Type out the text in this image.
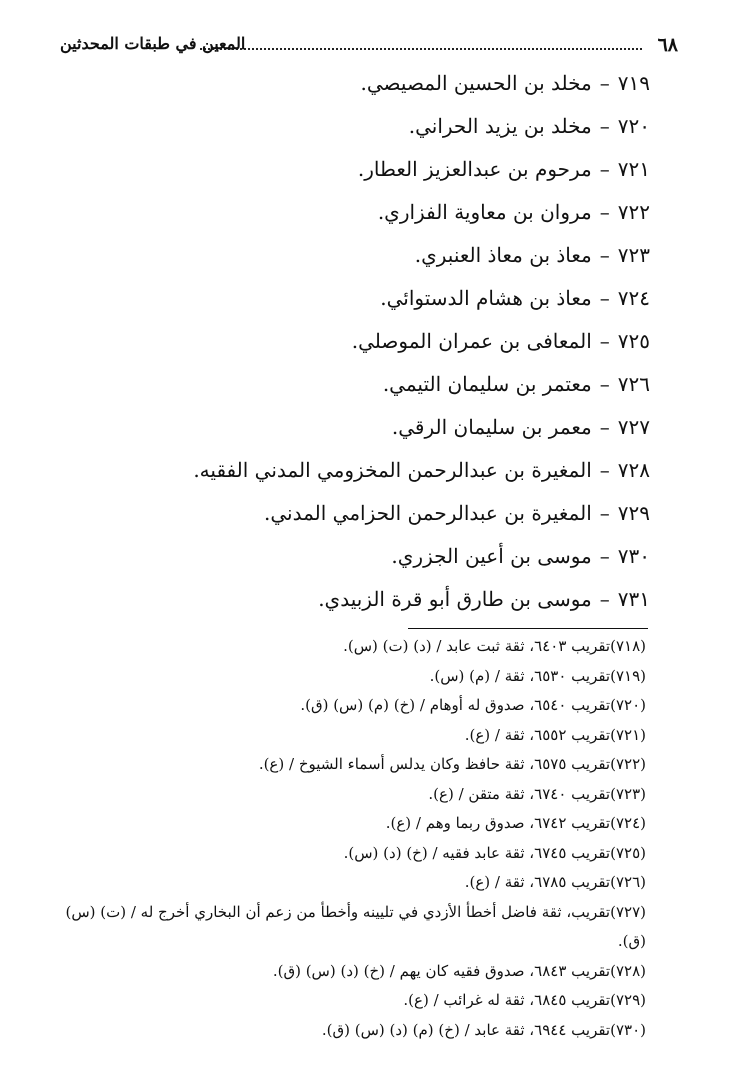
٦٨
المعين في طبقات المحدثين
٧١٩–مخلد بن الحسين المصيصي.
٧٢٠–مخلد بن يزيد الحراني.
٧٢١–مرحوم بن عبدالعزيز العطار.
٧٢٢–مروان بن معاوية الفزاري.
٧٢٣–معاذ بن معاذ العنبري.
٧٢٤–معاذ بن هشام الدستوائي.
٧٢٥–المعافى بن عمران الموصلي.
٧٢٦–معتمر بن سليمان التيمي.
٧٢٧–معمر بن سليمان الرقي.
٧٢٨–المغيرة بن عبدالرحمن المخزومي المدني الفقيه.
٧٢٩–المغيرة بن عبدالرحمن الحزامي المدني.
٧٣٠–موسى بن أعين الجزري.
٧٣١–موسى بن طارق أبو قرة الزبيدي.
(٧١٨)تقريب ٦٤٠٣، ثقة ثبت عابد / (د) (ت) (س).
(٧١٩)تقريب ٦٥٣٠، ثقة / (م) (س).
(٧٢٠)تقريب ٦٥٤٠، صدوق له أوهام / (خ) (م) (س) (ق).
(٧٢١)تقريب ٦٥٥٢، ثقة / (ع).
(٧٢٢)تقريب ٦٥٧٥، ثقة حافظ وكان يدلس أسماء الشيوخ / (ع).
(٧٢٣)تقريب ٦٧٤٠، ثقة متقن / (ع).
(٧٢٤)تقريب ٦٧٤٢، صدوق ربما وهم / (ع).
(٧٢٥)تقريب ٦٧٤٥، ثقة عابد فقيه / (خ) (د) (س).
(٧٢٦)تقريب ٦٧٨٥، ثقة / (ع).
(٧٢٧)تقريب، ثقة فاضل أخطأ الأزدي في تليينه وأخطأ من زعم أن البخاري أخرج له / (ت) (س) (ق).
(٧٢٨)تقريب ٦٨٤٣، صدوق فقيه كان يهم / (خ) (د) (س) (ق).
(٧٢٩)تقريب ٦٨٤٥، ثقة له غرائب / (ع).
(٧٣٠)تقريب ٦٩٤٤، ثقة عابد / (خ) (م) (د) (س) (ق).
